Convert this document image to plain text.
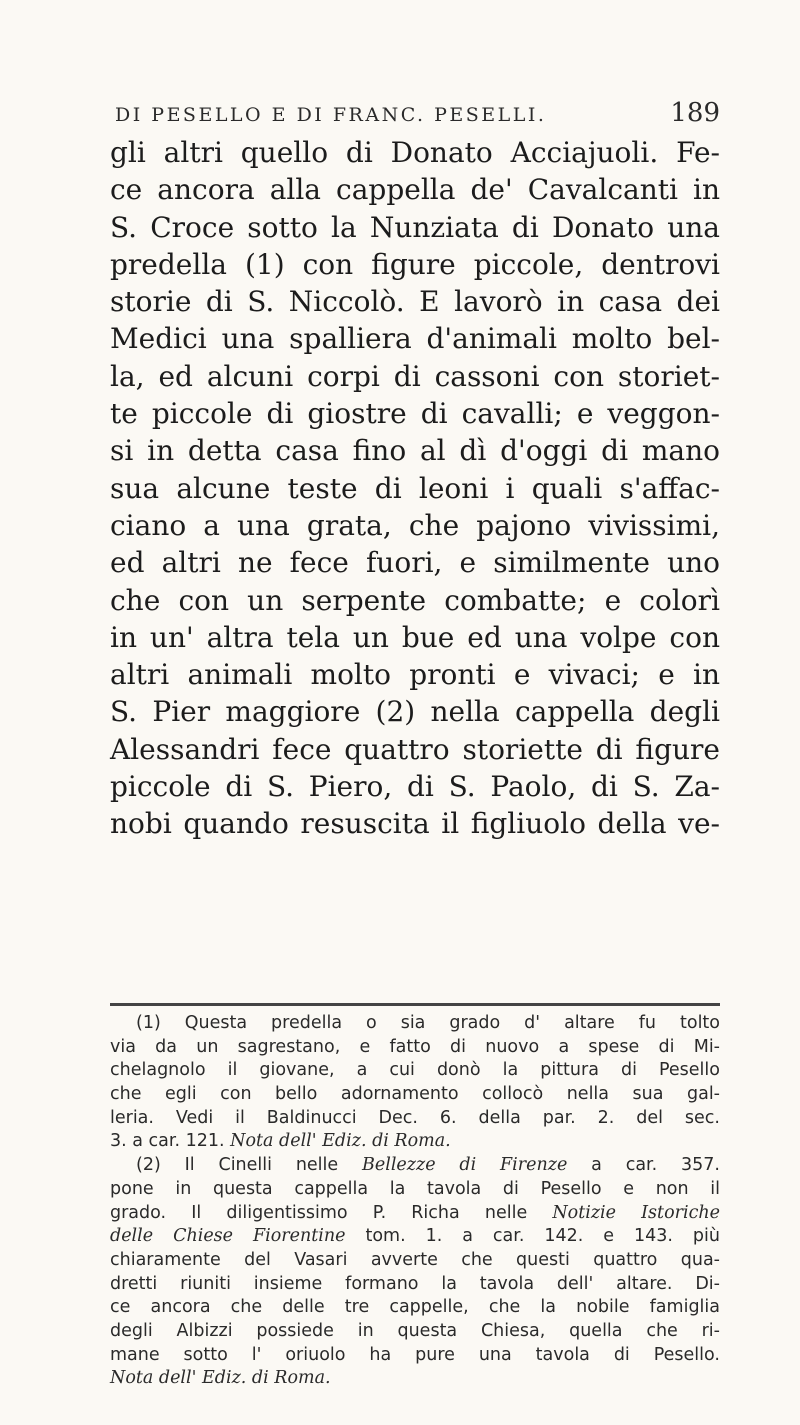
DI PESELLO E DI FRANC. PESELLI.	189
gli altri quello di Donato Acciajuoli. Fe-
ce ancora alla cappella de' Cavalcanti in
S. Croce sotto la Nunziata di Donato una
predella (1) con figure piccole, dentrovi
storie di S. Niccolò. E lavorò in casa dei
Medici una spalliera d'animali molto bel-
la, ed alcuni corpi di cassoni con storiet-
te piccole di giostre di cavalli; e veggon-
si in detta casa fino al dì d'oggi di mano
sua alcune teste di leoni i quali s'affac-
ciano a una grata, che pajono vivissimi,
ed altri ne fece fuori, e similmente uno
che con un serpente combatte; e colorì
in un' altra tela un bue ed una volpe con
altri animali molto pronti e vivaci; e in
S. Pier maggiore (2) nella cappella degli
Alessandri fece quattro storiette di figure
piccole di S. Piero, di S. Paolo, di S. Za-
nobi quando resuscita il figliuolo della ve-
(1) Questa predella o sia grado d' altare fu tolto
via da un sagrestano, e fatto di nuovo a spese di Mi-
chelagnolo il giovane, a cui donò la pittura di Pesello
che egli con bello adornamento collocò nella sua gal-
leria. Vedi il Baldinucci Dec. 6. della par. 2. del sec.
3. a car. 121. Nota dell' Ediz. di Roma.
(2) Il Cinelli nelle Bellezze di Firenze a car. 357.
pone in questa cappella la tavola di Pesello e non il
grado. Il diligentissimo P. Richa nelle Notizie Istoriche
delle Chiese Fiorentine tom. 1. a car. 142. e 143. più
chiaramente del Vasari avverte che questi quattro qua-
dretti riuniti insieme formano la tavola dell' altare. Di-
ce ancora che delle tre cappelle, che la nobile famiglia
degli Albizzi possiede in questa Chiesa, quella che ri-
mane sotto l' oriuolo ha pure una tavola di Pesello.
Nota dell' Ediz. di Roma.
